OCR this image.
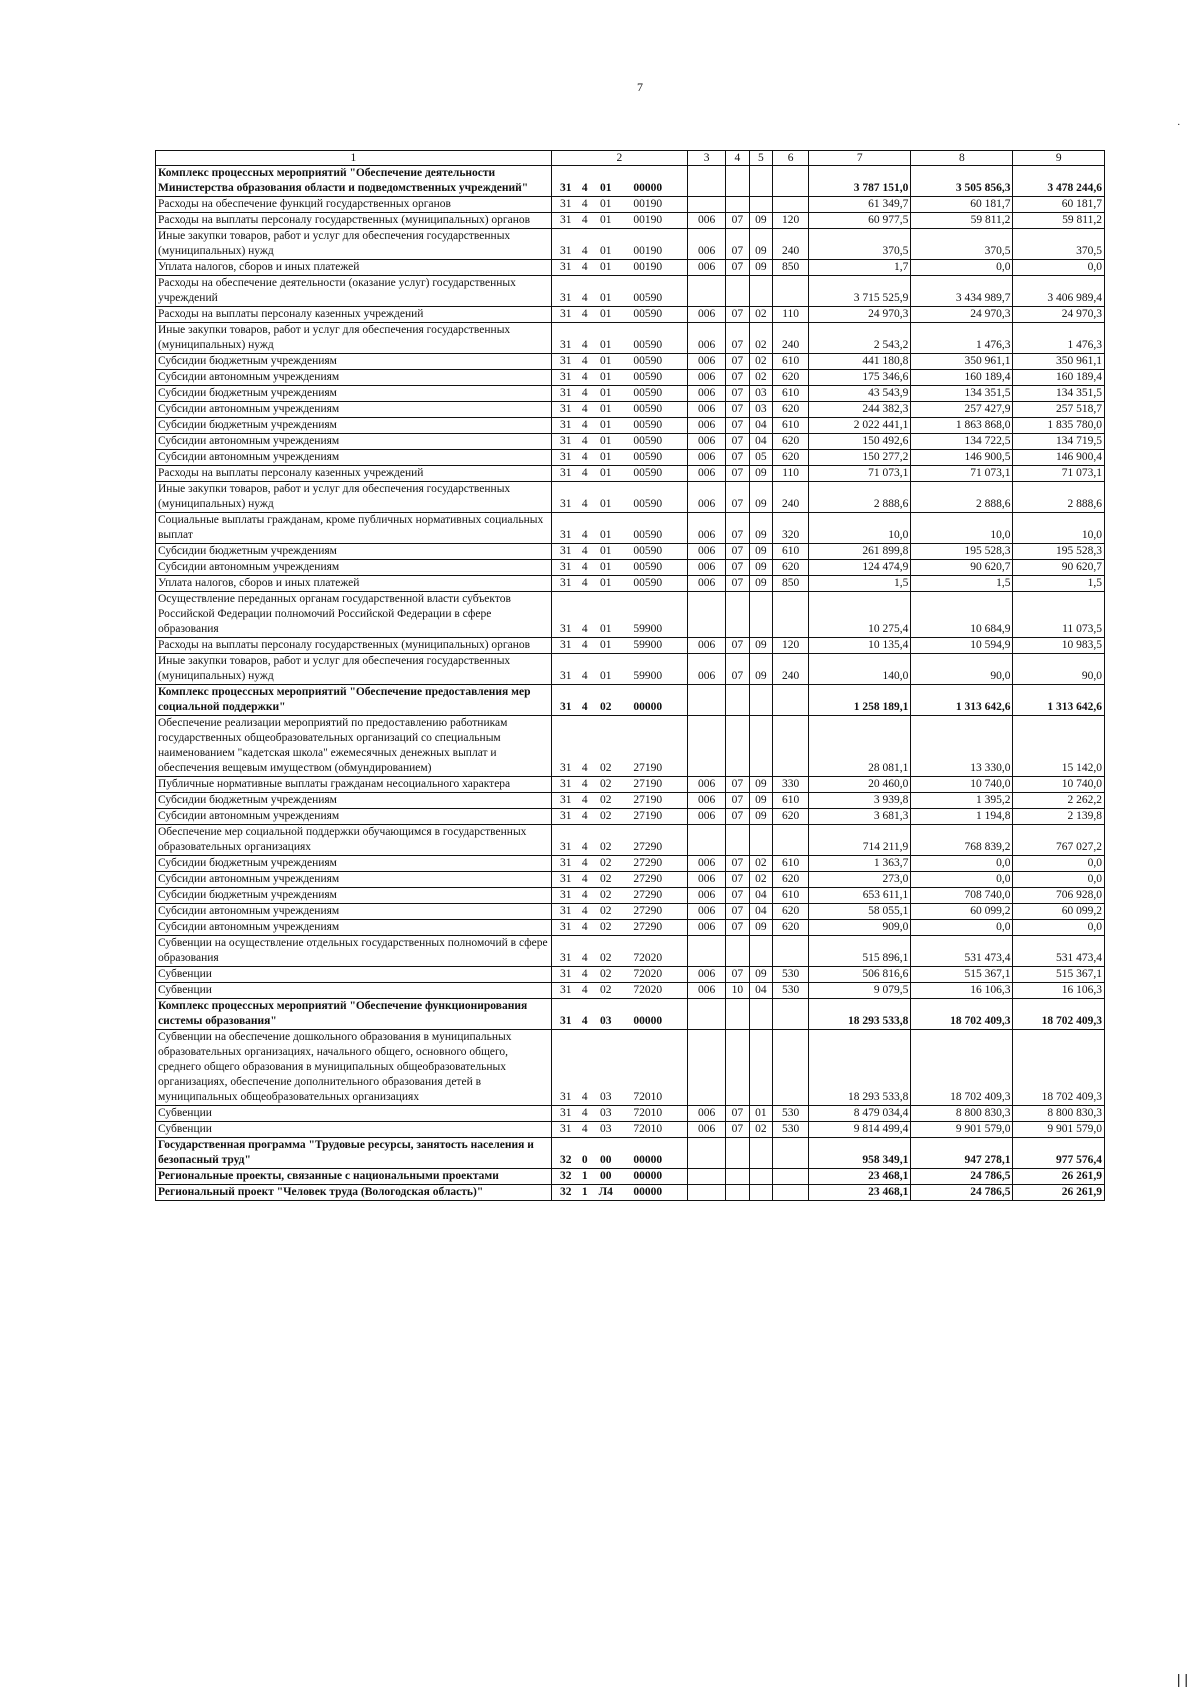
7
.
1	2	3	4	5	6	7	8	9
Комплекс процессных мероприятий "Обеспечение деятельности Министерства образования области и подведомственных учреждений"	31 4 01 00000					3 787 151,0	3 505 856,3	3 478 244,6
Расходы на обеспечение функций государственных органов	31 4 01 00190					61 349,7	60 181,7	60 181,7
Расходы на выплаты персоналу государственных (муниципальных) органов	31 4 01 00190	006	07	09	120	60 977,5	59 811,2	59 811,2
Иные закупки товаров, работ и услуг для обеспечения государственных (муниципальных) нужд	31 4 01 00190	006	07	09	240	370,5	370,5	370,5
Уплата налогов, сборов и иных платежей	31 4 01 00190	006	07	09	850	1,7	0,0	0,0
Расходы на обеспечение деятельности (оказание услуг) государственных учреждений	31 4 01 00590					3 715 525,9	3 434 989,7	3 406 989,4
Расходы на выплаты персоналу казенных учреждений	31 4 01 00590	006	07	02	110	24 970,3	24 970,3	24 970,3
Иные закупки товаров, работ и услуг для обеспечения государственных (муниципальных) нужд	31 4 01 00590	006	07	02	240	2 543,2	1 476,3	1 476,3
Субсидии бюджетным учреждениям	31 4 01 00590	006	07	02	610	441 180,8	350 961,1	350 961,1
Субсидии автономным учреждениям	31 4 01 00590	006	07	02	620	175 346,6	160 189,4	160 189,4
Субсидии бюджетным учреждениям	31 4 01 00590	006	07	03	610	43 543,9	134 351,5	134 351,5
Субсидии автономным учреждениям	31 4 01 00590	006	07	03	620	244 382,3	257 427,9	257 518,7
Субсидии бюджетным учреждениям	31 4 01 00590	006	07	04	610	2 022 441,1	1 863 868,0	1 835 780,0
Субсидии автономным учреждениям	31 4 01 00590	006	07	04	620	150 492,6	134 722,5	134 719,5
Субсидии автономным учреждениям	31 4 01 00590	006	07	05	620	150 277,2	146 900,5	146 900,4
Расходы на выплаты персоналу казенных учреждений	31 4 01 00590	006	07	09	110	71 073,1	71 073,1	71 073,1
Иные закупки товаров, работ и услуг для обеспечения государственных (муниципальных) нужд	31 4 01 00590	006	07	09	240	2 888,6	2 888,6	2 888,6
Социальные выплаты гражданам, кроме публичных нормативных социальных выплат	31 4 01 00590	006	07	09	320	10,0	10,0	10,0
Субсидии бюджетным учреждениям	31 4 01 00590	006	07	09	610	261 899,8	195 528,3	195 528,3
Субсидии автономным учреждениям	31 4 01 00590	006	07	09	620	124 474,9	90 620,7	90 620,7
Уплата налогов, сборов и иных платежей	31 4 01 00590	006	07	09	850	1,5	1,5	1,5
Осуществление переданных органам государственной власти субъектов Российской Федерации полномочий Российской Федерации в сфере образования	31 4 01 59900					10 275,4	10 684,9	11 073,5
Расходы на выплаты персоналу государственных (муниципальных) органов	31 4 01 59900	006	07	09	120	10 135,4	10 594,9	10 983,5
Иные закупки товаров, работ и услуг для обеспечения государственных (муниципальных) нужд	31 4 01 59900	006	07	09	240	140,0	90,0	90,0
Комплекс процессных мероприятий "Обеспечение предоставления мер социальной поддержки"	31 4 02 00000					1 258 189,1	1 313 642,6	1 313 642,6
Обеспечение реализации мероприятий по предоставлению работникам государственных общеобразовательных организаций со специальным наименованием "кадетская школа" ежемесячных денежных выплат и обеспечения вещевым имуществом (обмундированием)	31 4 02 27190					28 081,1	13 330,0	15 142,0
Публичные нормативные выплаты гражданам несоциального характера	31 4 02 27190	006	07	09	330	20 460,0	10 740,0	10 740,0
Субсидии бюджетным учреждениям	31 4 02 27190	006	07	09	610	3 939,8	1 395,2	2 262,2
Субсидии автономным учреждениям	31 4 02 27190	006	07	09	620	3 681,3	1 194,8	2 139,8
Обеспечение мер социальной поддержки обучающимся в государственных образовательных организациях	31 4 02 27290					714 211,9	768 839,2	767 027,2
Субсидии бюджетным учреждениям	31 4 02 27290	006	07	02	610	1 363,7	0,0	0,0
Субсидии автономным учреждениям	31 4 02 27290	006	07	02	620	273,0	0,0	0,0
Субсидии бюджетным учреждениям	31 4 02 27290	006	07	04	610	653 611,1	708 740,0	706 928,0
Субсидии автономным учреждениям	31 4 02 27290	006	07	04	620	58 055,1	60 099,2	60 099,2
Субсидии автономным учреждениям	31 4 02 27290	006	07	09	620	909,0	0,0	0,0
Субвенции на осуществление отдельных государственных полномочий в сфере образования	31 4 02 72020					515 896,1	531 473,4	531 473,4
Субвенции	31 4 02 72020	006	07	09	530	506 816,6	515 367,1	515 367,1
Субвенции	31 4 02 72020	006	10	04	530	9 079,5	16 106,3	16 106,3
Комплекс процессных мероприятий "Обеспечение функционирования системы образования"	31 4 03 00000					18 293 533,8	18 702 409,3	18 702 409,3
Субвенции на обеспечение дошкольного образования в муниципальных образовательных организациях, начального общего, основного общего, среднего общего образования в муниципальных общеобразовательных организациях, обеспечение дополнительного образования детей в муниципальных общеобразовательных организациях	31 4 03 72010					18 293 533,8	18 702 409,3	18 702 409,3
Субвенции	31 4 03 72010	006	07	01	530	8 479 034,4	8 800 830,3	8 800 830,3
Субвенции	31 4 03 72010	006	07	02	530	9 814 499,4	9 901 579,0	9 901 579,0
Государственная программа "Трудовые ресурсы, занятость населения и безопасный труд"	32 0 00 00000					958 349,1	947 278,1	977 576,4
Региональные проекты, связанные с национальными проектами	32 1 00 00000					23 468,1	24 786,5	26 261,9
Региональный проект "Человек труда (Вологодская область)"	32 1 Л4 00000					23 468,1	24 786,5	26 261,9
| |
